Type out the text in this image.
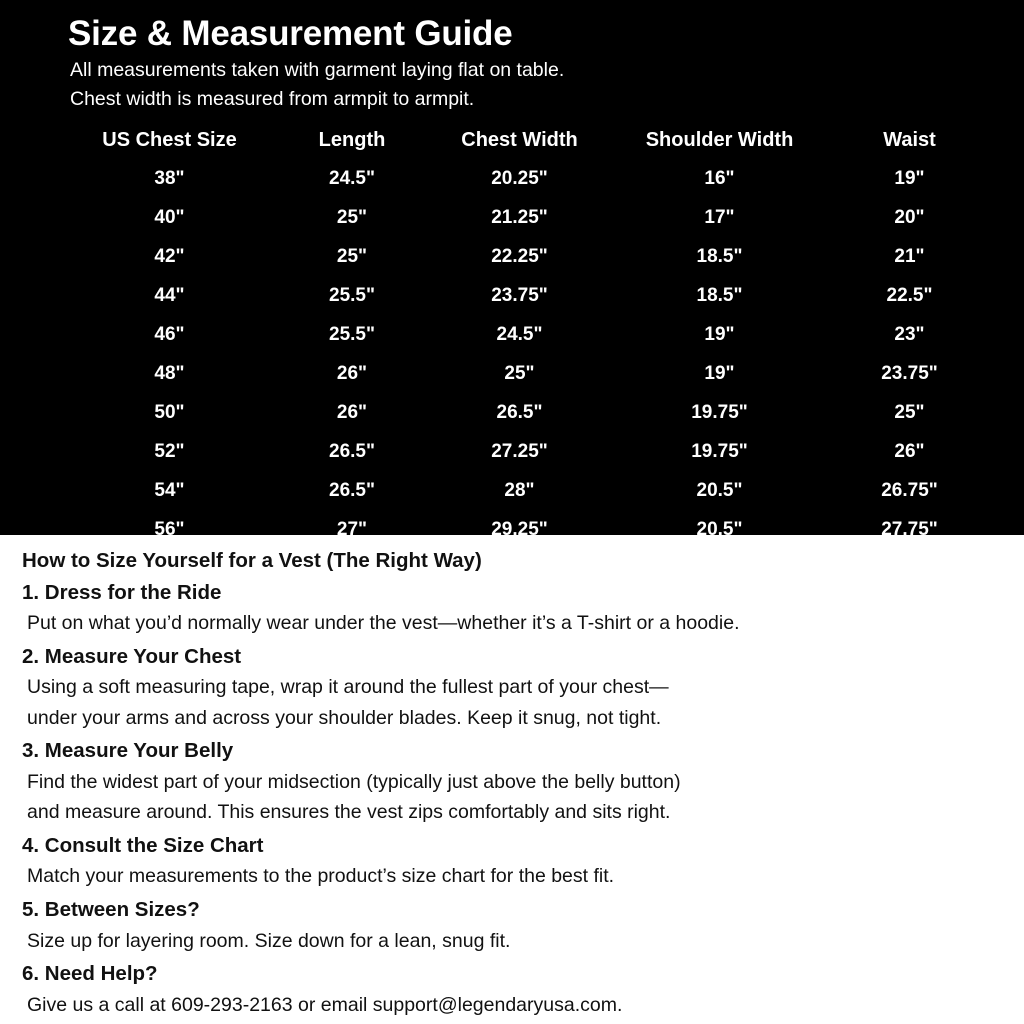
Size & Measurement Guide
All measurements taken with garment laying flat on table.
Chest width is measured from armpit to armpit.
US Chest Size	Length	Chest Width	Shoulder Width	Waist
38"	24.5"	20.25"	16"	19"
40"	25"	21.25"	17"	20"
42"	25"	22.25"	18.5"	21"
44"	25.5"	23.75"	18.5"	22.5"
46"	25.5"	24.5"	19"	23"
48"	26"	25"	19"	23.75"
50"	26"	26.5"	19.75"	25"
52"	26.5"	27.25"	19.75"	26"
54"	26.5"	28"	20.5"	26.75"
56"	27"	29.25"	20.5"	27.75"
How to Size Yourself for a Vest (The Right Way)
1. Dress for the Ride
Put on what you’d normally wear under the vest—whether it’s a T-shirt or a hoodie.
2. Measure Your Chest
Using a soft measuring tape, wrap it around the fullest part of your chest—
under your arms and across your shoulder blades. Keep it snug, not tight.
3. Measure Your Belly
Find the widest part of your midsection (typically just above the belly button)
and measure around. This ensures the vest zips comfortably and sits right.
4. Consult the Size Chart
Match your measurements to the product’s size chart for the best fit.
5. Between Sizes?
Size up for layering room. Size down for a lean, snug fit.
6. Need Help?
Give us a call at 609-293-2163 or email support@legendaryusa.com.
